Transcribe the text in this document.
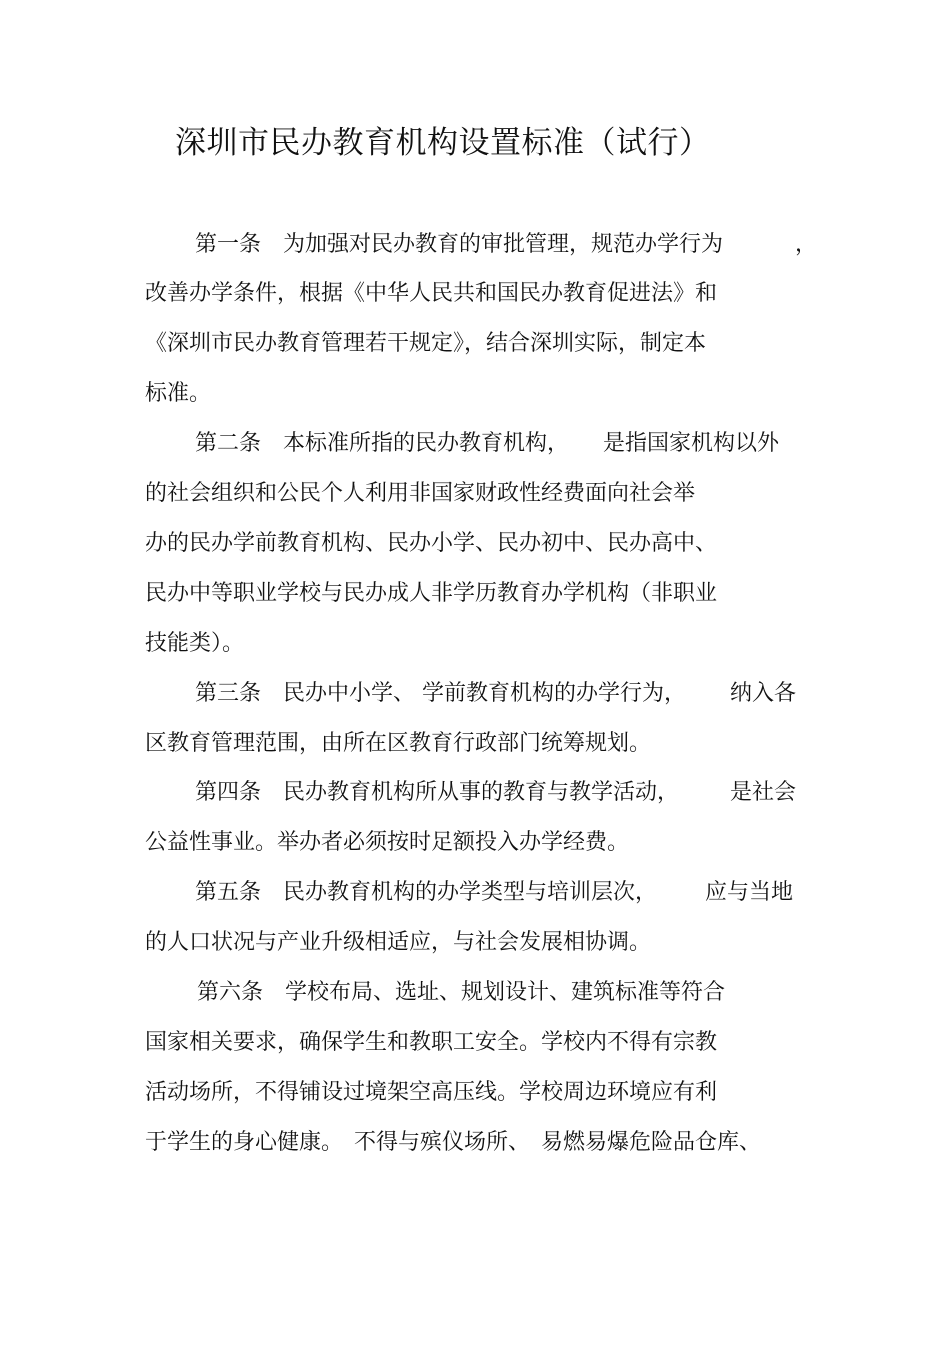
深圳市民办教育机构设置标准（试行）
第一条　为加强对民办教育的审批管理，规范办学行为	，
改善办学条件，根据《中华人民共和国民办教育促进法》和
《深圳市民办教育管理若干规定》，结合深圳实际，制定本
标准。
第二条　本标准所指的民办教育机构， 是指国家机构以外
的社会组织和公民个人利用非国家财政性经费面向社会举
办的民办学前教育机构、民办小学、民办初中、民办高中、
民办中等职业学校与民办成人非学历教育办学机构（非职业
技能类）。
第三条　民办中小学、 学前教育机构的办学行为， 纳入各
区教育管理范围，由所在区教育行政部门统筹规划。
第四条　民办教育机构所从事的教育与教学活动， 是社会
公益性事业。举办者必须按时足额投入办学经费。
第五条　民办教育机构的办学类型与培训层次， 应与当地
的人口状况与产业升级相适应，与社会发展相协调。
第六条　学校布局、选址、规划设计、建筑标准等符合
国家相关要求，确保学生和教职工安全。学校内不得有宗教
活动场所，不得铺设过境架空高压线。学校周边环境应有利
于学生的身心健康。　不得与殡仪场所、　易燃易爆危险品仓库、
